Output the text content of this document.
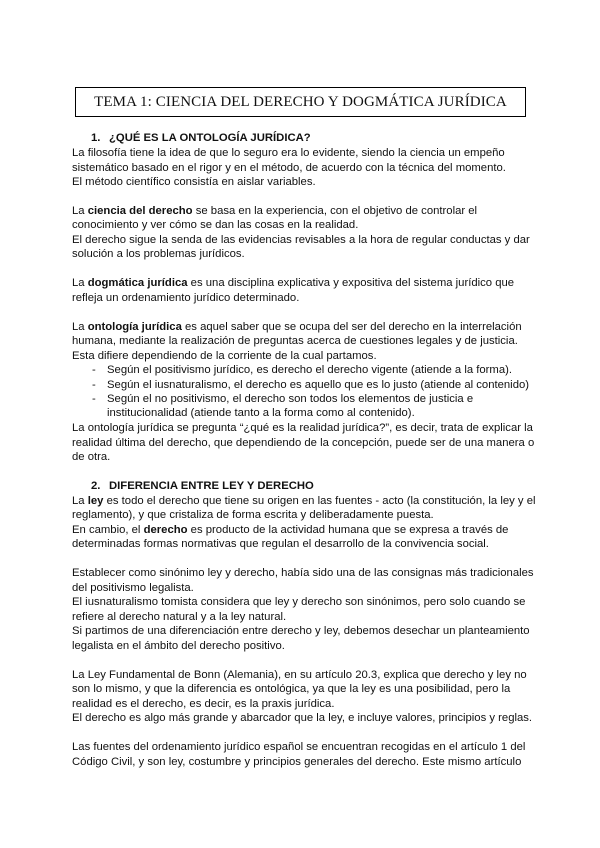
TEMA 1: CIENCIA DEL DERECHO Y DOGMÁTICA JURÍDICA
1. ¿QUÉ ES LA ONTOLOGÍA JURÍDICA?
La filosofía tiene la idea de que lo seguro era lo evidente, siendo la ciencia un empeño
sistemático basado en el rigor y en el método, de acuerdo con la técnica del momento.
El método científico consistía en aislar variables.
La ciencia del derecho se basa en la experiencia, con el objetivo de controlar el
conocimiento y ver cómo se dan las cosas en la realidad.
El derecho sigue la senda de las evidencias revisables a la hora de regular conductas y dar
solución a los problemas jurídicos.
La dogmática jurídica es una disciplina explicativa y expositiva del sistema jurídico que
refleja un ordenamiento jurídico determinado.
La ontología jurídica es aquel saber que se ocupa del ser del derecho en la interrelación
humana, mediante la realización de preguntas acerca de cuestiones legales y de justicia.
Esta difiere dependiendo de la corriente de la cual partamos.
- Según el positivismo jurídico, es derecho el derecho vigente (atiende a la forma).
- Según el iusnaturalismo, el derecho es aquello que es lo justo (atiende al contenido)
- Según el no positivismo, el derecho son todos los elementos de justicia e
institucionalidad (atiende tanto a la forma como al contenido).
La ontología jurídica se pregunta “¿qué es la realidad jurídica?”, es decir, trata de explicar la
realidad última del derecho, que dependiendo de la concepción, puede ser de una manera o
de otra.
2. DIFERENCIA ENTRE LEY Y DERECHO
La ley es todo el derecho que tiene su origen en las fuentes - acto (la constitución, la ley y el
reglamento), y que cristaliza de forma escrita y deliberadamente puesta.
En cambio, el derecho es producto de la actividad humana que se expresa a través de
determinadas formas normativas que regulan el desarrollo de la convivencia social.
Establecer como sinónimo ley y derecho, había sido una de las consignas más tradicionales
del positivismo legalista.
El iusnaturalismo tomista considera que ley y derecho son sinónimos, pero solo cuando se
refiere al derecho natural y a la ley natural.
Si partimos de una diferenciación entre derecho y ley, debemos desechar un planteamiento
legalista en el ámbito del derecho positivo.
La Ley Fundamental de Bonn (Alemania), en su artículo 20.3, explica que derecho y ley no
son lo mismo, y que la diferencia es ontológica, ya que la ley es una posibilidad, pero la
realidad es el derecho, es decir, es la praxis jurídica.
El derecho es algo más grande y abarcador que la ley, e incluye valores, principios y reglas.
Las fuentes del ordenamiento jurídico español se encuentran recogidas en el artículo 1 del
Código Civil, y son ley, costumbre y principios generales del derecho. Este mismo artículo
